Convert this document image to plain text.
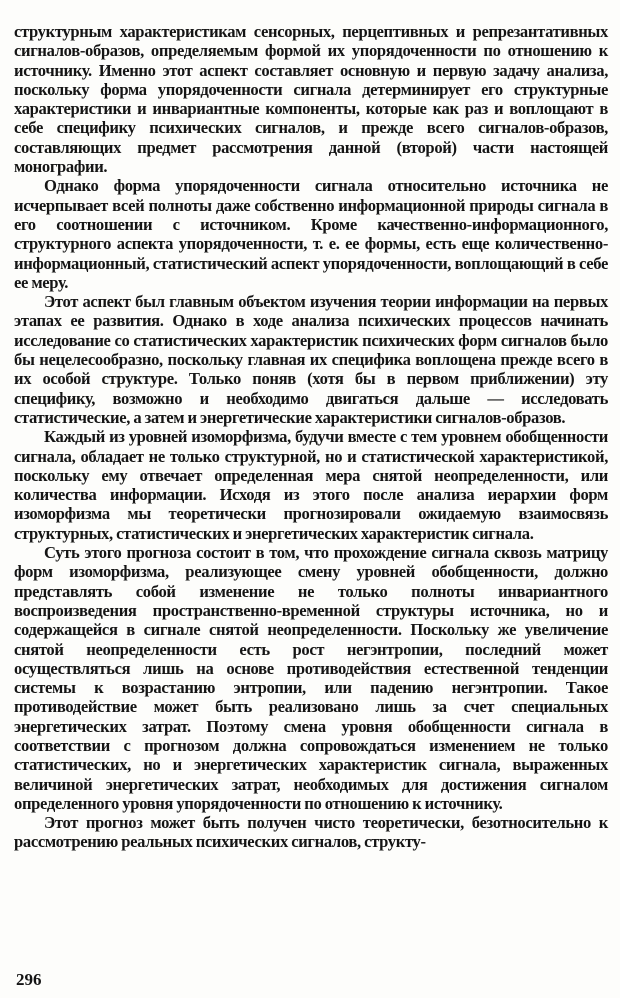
структурным характеристикам сенсорных, перцептивных и репрезантативных сигналов-образов, определяемым формой их упорядоченности по отношению к источнику. Именно этот аспект составляет основную и первую задачу анализа, поскольку форма упорядоченности сигнала детерминирует его структурные характеристики и инвариантные компоненты, которые как раз и воплощают в себе специфику психических сигналов, и прежде всего сигналов-образов, составляющих предмет рассмотрения данной (второй) части настоящей монографии.

Однако форма упорядоченности сигнала относительно источника не исчерпывает всей полноты даже собственно информационной природы сигнала в его соотношении с источником. Кроме качественно-информационного, структурного аспекта упорядоченности, т. е. ее формы, есть еще количественно-информационный, статистический аспект упорядоченности, воплощающий в себе ее меру.

Этот аспект был главным объектом изучения теории информации на первых этапах ее развития. Однако в ходе анализа психических процессов начинать исследование со статистических характеристик психических форм сигналов было бы нецелесообразно, поскольку главная их специфика воплощена прежде всего в их особой структуре. Только поняв (хотя бы в первом приближении) эту специфику, возможно и необходимо двигаться дальше — исследовать статистические, а затем и энергетические характеристики сигналов-образов.

Каждый из уровней изоморфизма, будучи вместе с тем уровнем обобщенности сигнала, обладает не только структурной, но и статистической характеристикой, поскольку ему отвечает определенная мера снятой неопределенности, или количества информации. Исходя из этого после анализа иерархии форм изоморфизма мы теоретически прогнозировали ожидаемую взаимосвязь структурных, статистических и энергетических характеристик сигнала.

Суть этого прогноза состоит в том, что прохождение сигнала сквозь матрицу форм изоморфизма, реализующее смену уровней обобщенности, должно представлять собой изменение не только полноты инвариантного воспроизведения пространственно-временной структуры источника, но и содержащейся в сигнале снятой неопределенности. Поскольку же увеличение снятой неопределенности есть рост негэнтропии, последний может осуществляться лишь на основе противодействия естественной тенденции системы к возрастанию энтропии, или падению негэнтропии. Такое противодействие может быть реализовано лишь за счет специальных энергетических затрат. Поэтому смена уровня обобщенности сигнала в соответствии с прогнозом должна сопровождаться изменением не только статистических, но и энергетических характеристик сигнала, выраженных величиной энергетических затрат, необходимых для достижения сигналом определенного уровня упорядоченности по отношению к источнику.

Этот прогноз может быть получен чисто теоретически, безотносительно к рассмотрению реальных психических сигналов, структу-

296
